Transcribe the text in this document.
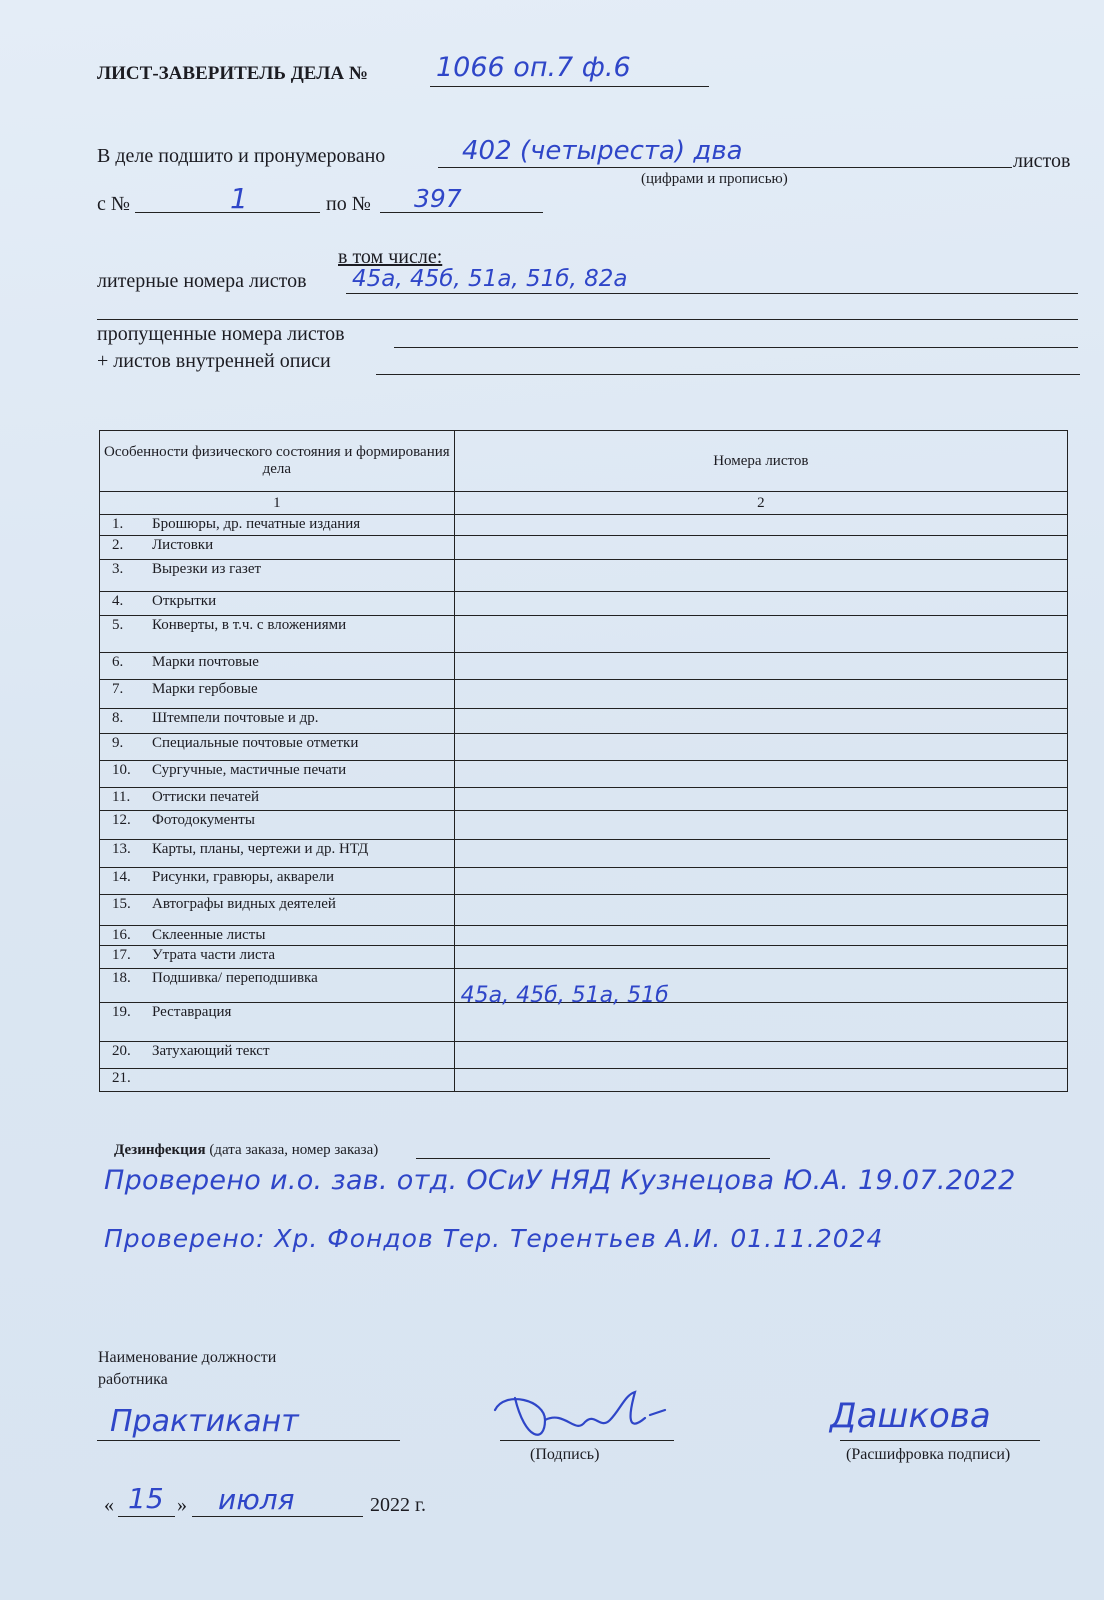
ЛИСТ-ЗАВЕРИТЕЛЬ ДЕЛА №	1066 оп.7 ф.6
В деле подшито и пронумеровано	402 (четыреста) два	листов
(цифрами и прописью)
с №	1	по № 397
в том числе:
литерные номера листов 45а, 45б, 51а, 51б, 82а
пропущенные номера листов
+ листов внутренней описи
Особенности физического состояния и формирования дела	Номера листов
1	2

1. Брошюры, др. печатные издания	

2. Листовки	

3. Вырезки из газет	

4. Открытки	

5. Конверты, в т.ч. с вложениями	

6. Марки почтовые	

7. Марки гербовые	

8. Штемпели почтовые и др.	

9. Специальные почтовые отметки	

10. Сургучные, мастичные печати	

11. Оттиски печатей	

12. Фотодокументы	

13. Карты, планы, чертежи и др. НТД	

14. Рисунки, гравюры, акварели	

15. Автографы видных деятелей	

16. Склеенные листы	

17. Утрата части листа	

18. Подшивка/ переподшивка	45а, 45б, 51а, 51б

19. Реставрация	

20. Затухающий текст	

21.	

Дезинфекция (дата заказа, номер заказа)
Проверено и.о. зав. отд. ОСиУ НЯД Кузнецова Ю.А. 19.07.2022
Проверено: Хр. Фондов Тер. Терентьев А.И. 01.11.2024
Наименование должности
работника
Практикант
(Подпись)
Дашкова
(Расшифровка подписи)
« 15 » июля	2022 г.
